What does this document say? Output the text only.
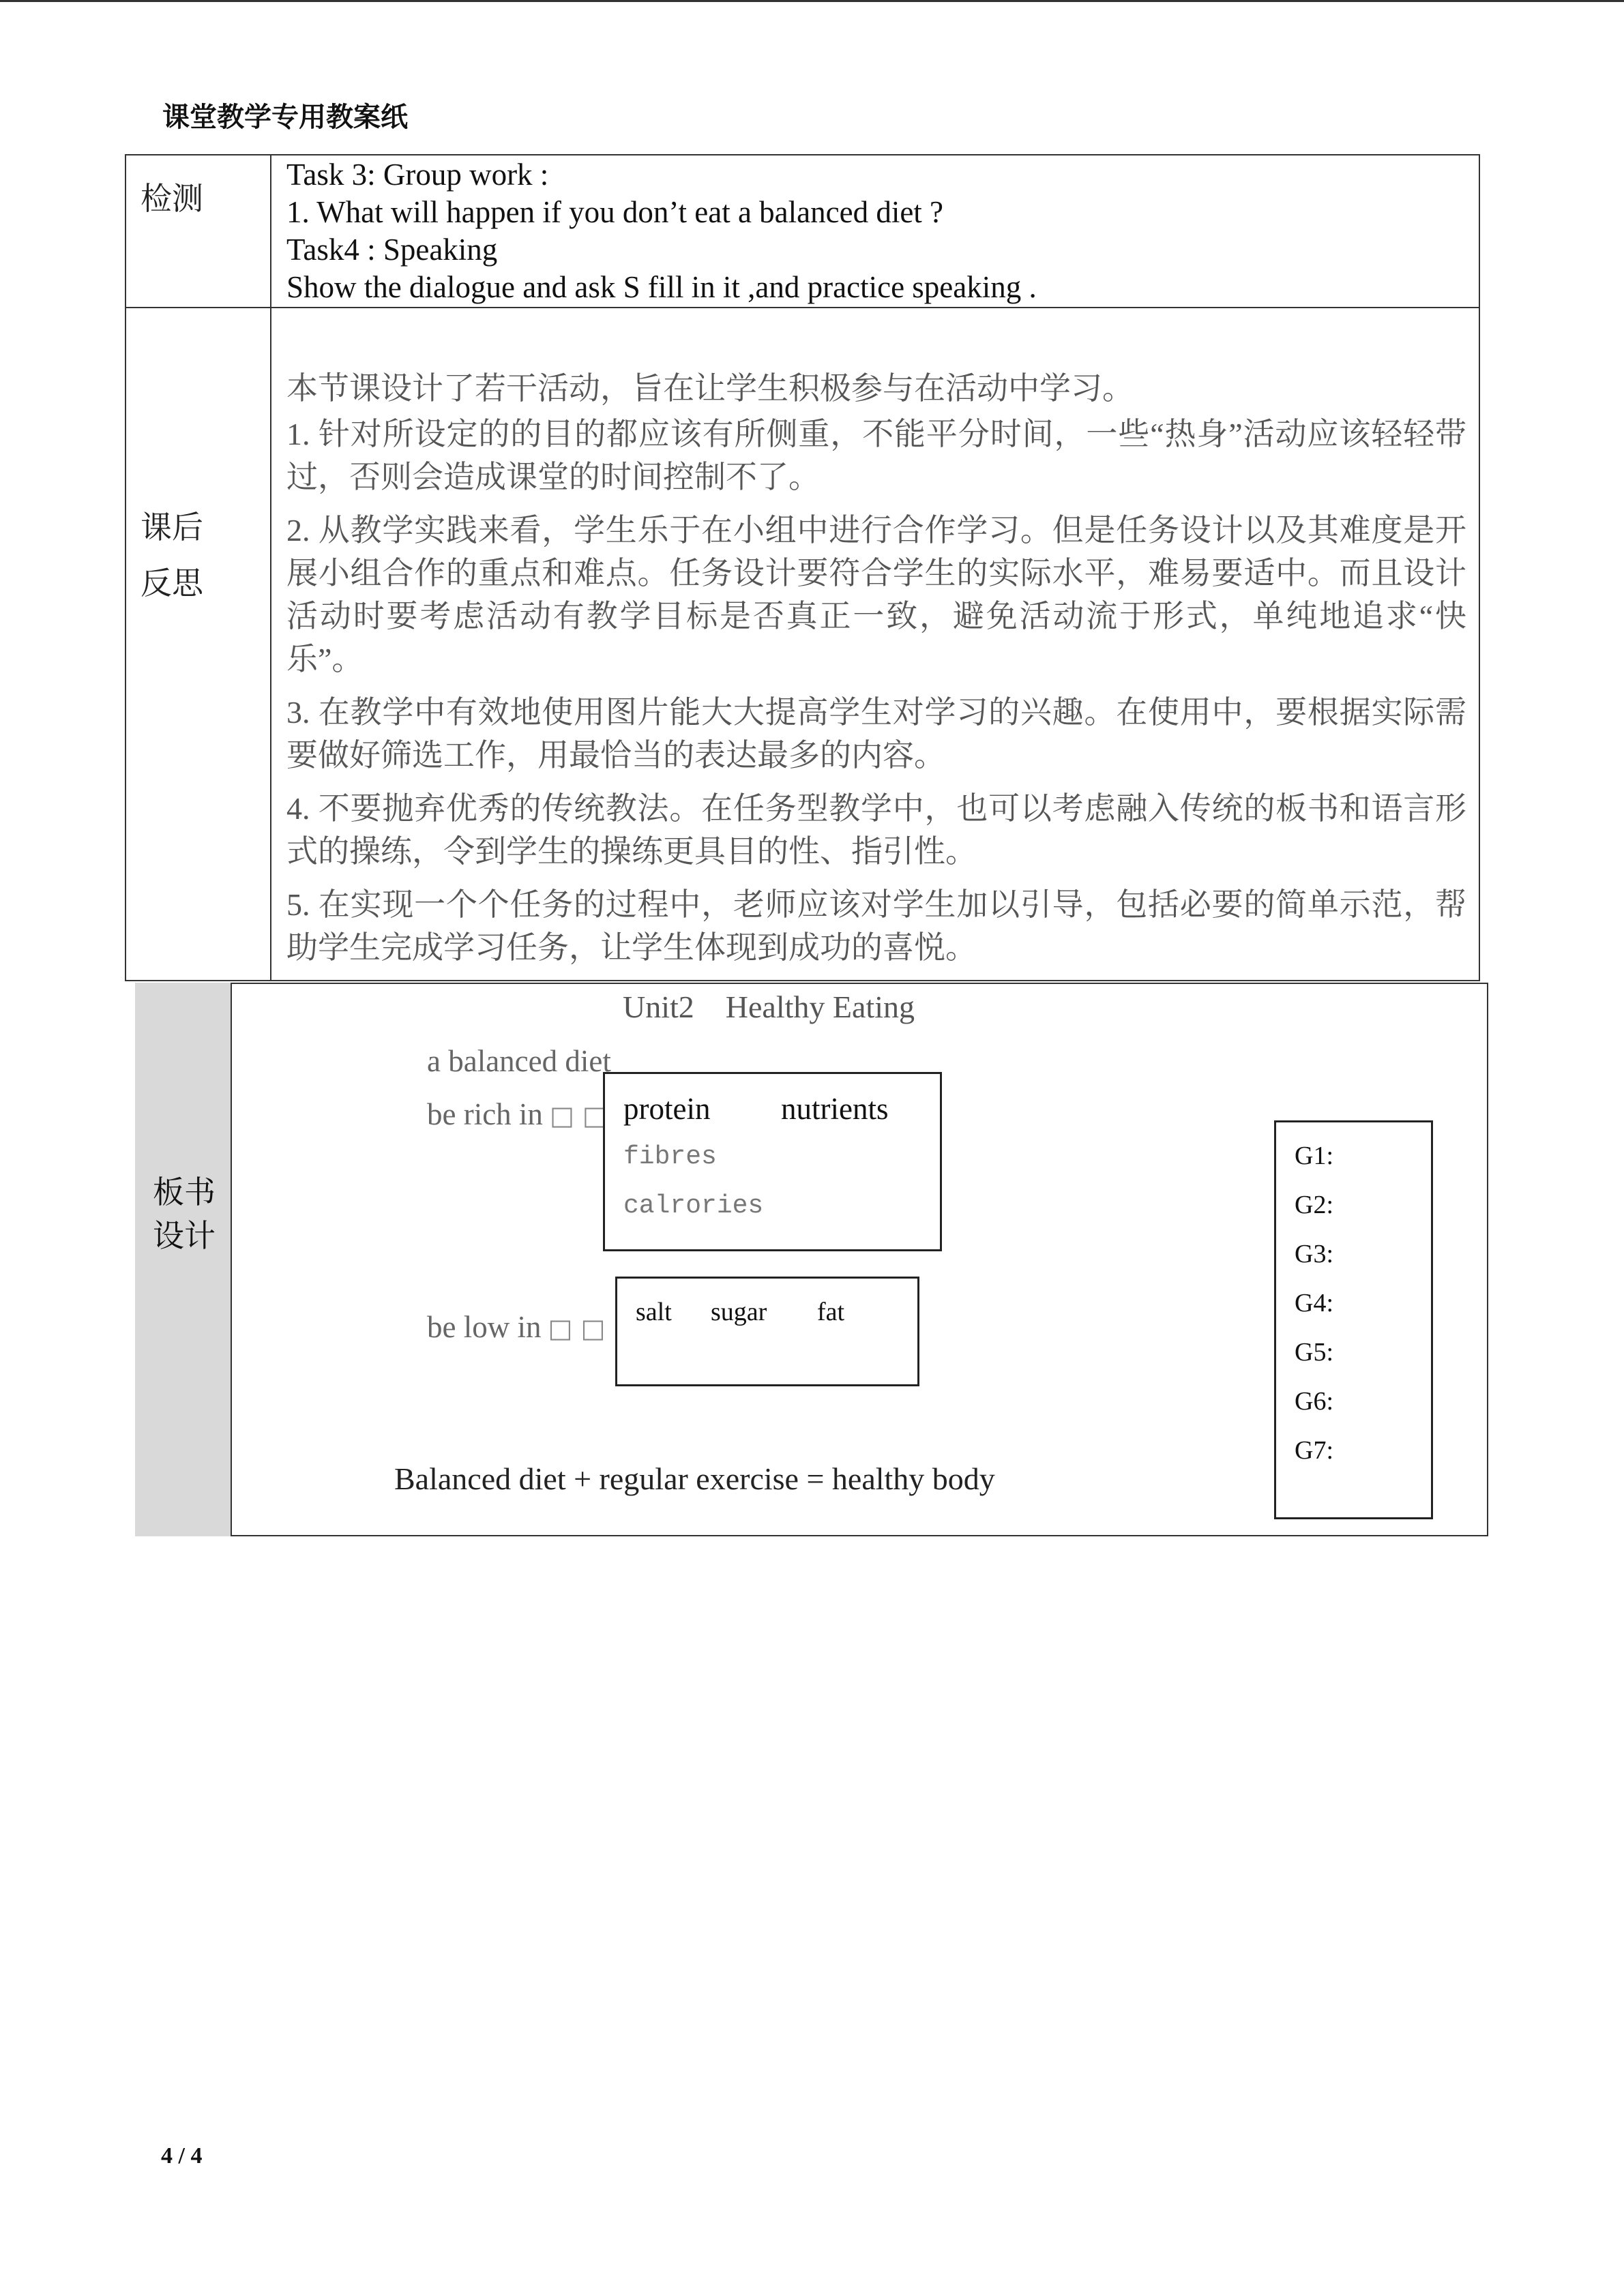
课堂教学专用教案纸
检测
Task 3: Group work :
1. What will happen if you don’t eat a balanced diet ?
Task4 : Speaking
Show the dialogue and ask S fill in it ,and practice speaking .
课后
反思
本节课设计了若干活动，旨在让学生积极参与在活动中学习。
1. 针对所设定的的目的都应该有所侧重，不能平分时间，一些“热身”活动应该轻轻带过，否则会造成课堂的时间控制不了。
2. 从教学实践来看，学生乐于在小组中进行合作学习。但是任务设计以及其难度是开展小组合作的重点和难点。任务设计要符合学生的实际水平，难易要适中。而且设计活动时要考虑活动有教学目标是否真正一致，避免活动流于形式，单纯地追求“快乐”。
3. 在教学中有效地使用图片能大大提高学生对学习的兴趣。在使用中，要根据实际需要做好筛选工作，用最恰当的表达最多的内容。
4. 不要抛弃优秀的传统教法。在任务型教学中，也可以考虑融入传统的板书和语言形式的操练，令到学生的操练更具目的性、指引性。
5. 在实现一个个任务的过程中，老师应该对学生加以引导，包括必要的简单示范，帮助学生完成学习任务，让学生体现到成功的喜悦。
板书
设计
Unit2    Healthy Eating
a balanced diet
be rich in □ □ protein nutrients
fibres
calrories
be low in □ □
salt sugar fat
G1:
G2:
G3:
G4:
G5:
G6:
G7:
Balanced diet + regular exercise = healthy body
4 / 4
